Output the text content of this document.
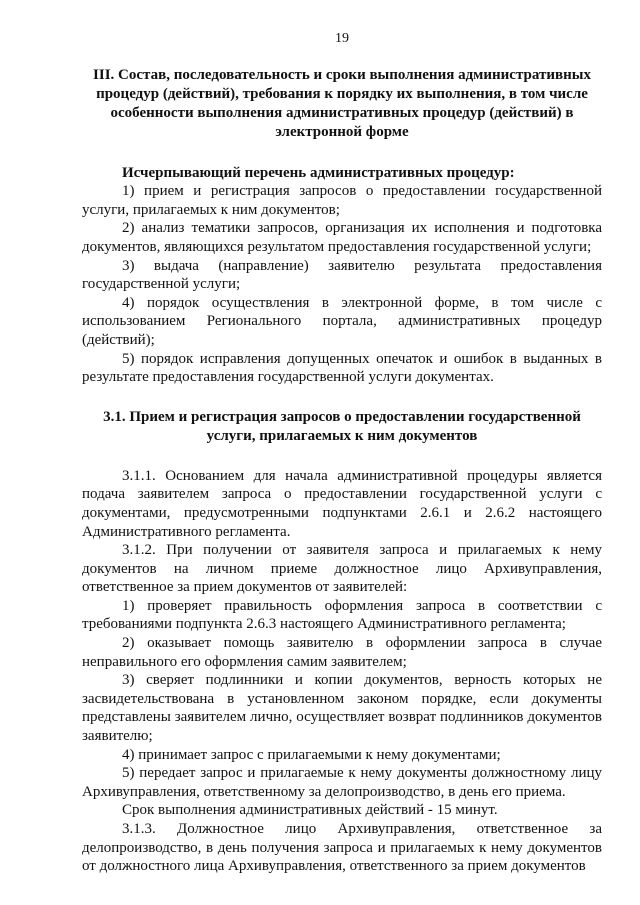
19
III. Состав, последовательность и сроки выполнения административных процедур (действий), требования к порядку их выполнения, в том числе особенности выполнения административных процедур (действий) в электронной форме
Исчерпывающий перечень административных процедур:

1) прием и регистрация запросов о предоставлении государственной услуги, прилагаемых к ним документов;

2) анализ тематики запросов, организация их исполнения и подготовка документов, являющихся результатом предоставления государственной услуги;

3) выдача (направление) заявителю результата предоставления государственной услуги;

4) порядок осуществления в электронной форме, в том числе с использованием Регионального портала, административных процедур (действий);

5) порядок исправления допущенных опечаток и ошибок в выданных в результате предоставления государственной услуги документах.

3.1. Прием и регистрация запросов о предоставлении государственной услуги, прилагаемых к ним документов

3.1.1. Основанием для начала административной процедуры является подача заявителем запроса о предоставлении государственной услуги с документами, предусмотренными подпунктами 2.6.1 и 2.6.2 настоящего Административного регламента.

3.1.2. При получении от заявителя запроса и прилагаемых к нему документов на личном приеме должностное лицо Архивуправления, ответственное за прием документов от заявителей:

1) проверяет правильность оформления запроса в соответствии с требованиями подпункта 2.6.3 настоящего Административного регламента;

2) оказывает помощь заявителю в оформлении запроса в случае неправильного его оформления самим заявителем;

3) сверяет подлинники и копии документов, верность которых не засвидетельствована в установленном законом порядке, если документы представлены заявителем лично, осуществляет возврат подлинников документов заявителю;

4) принимает запрос с прилагаемыми к нему документами;

5) передает запрос и прилагаемые к нему документы должностному лицу Архивуправления, ответственному за делопроизводство, в день его приема.

Срок выполнения административных действий - 15 минут.

3.1.3. Должностное лицо Архивуправления, ответственное за делопроизводство, в день получения запроса и прилагаемых к нему документов от должностного лица Архивуправления, ответственного за прием документов
